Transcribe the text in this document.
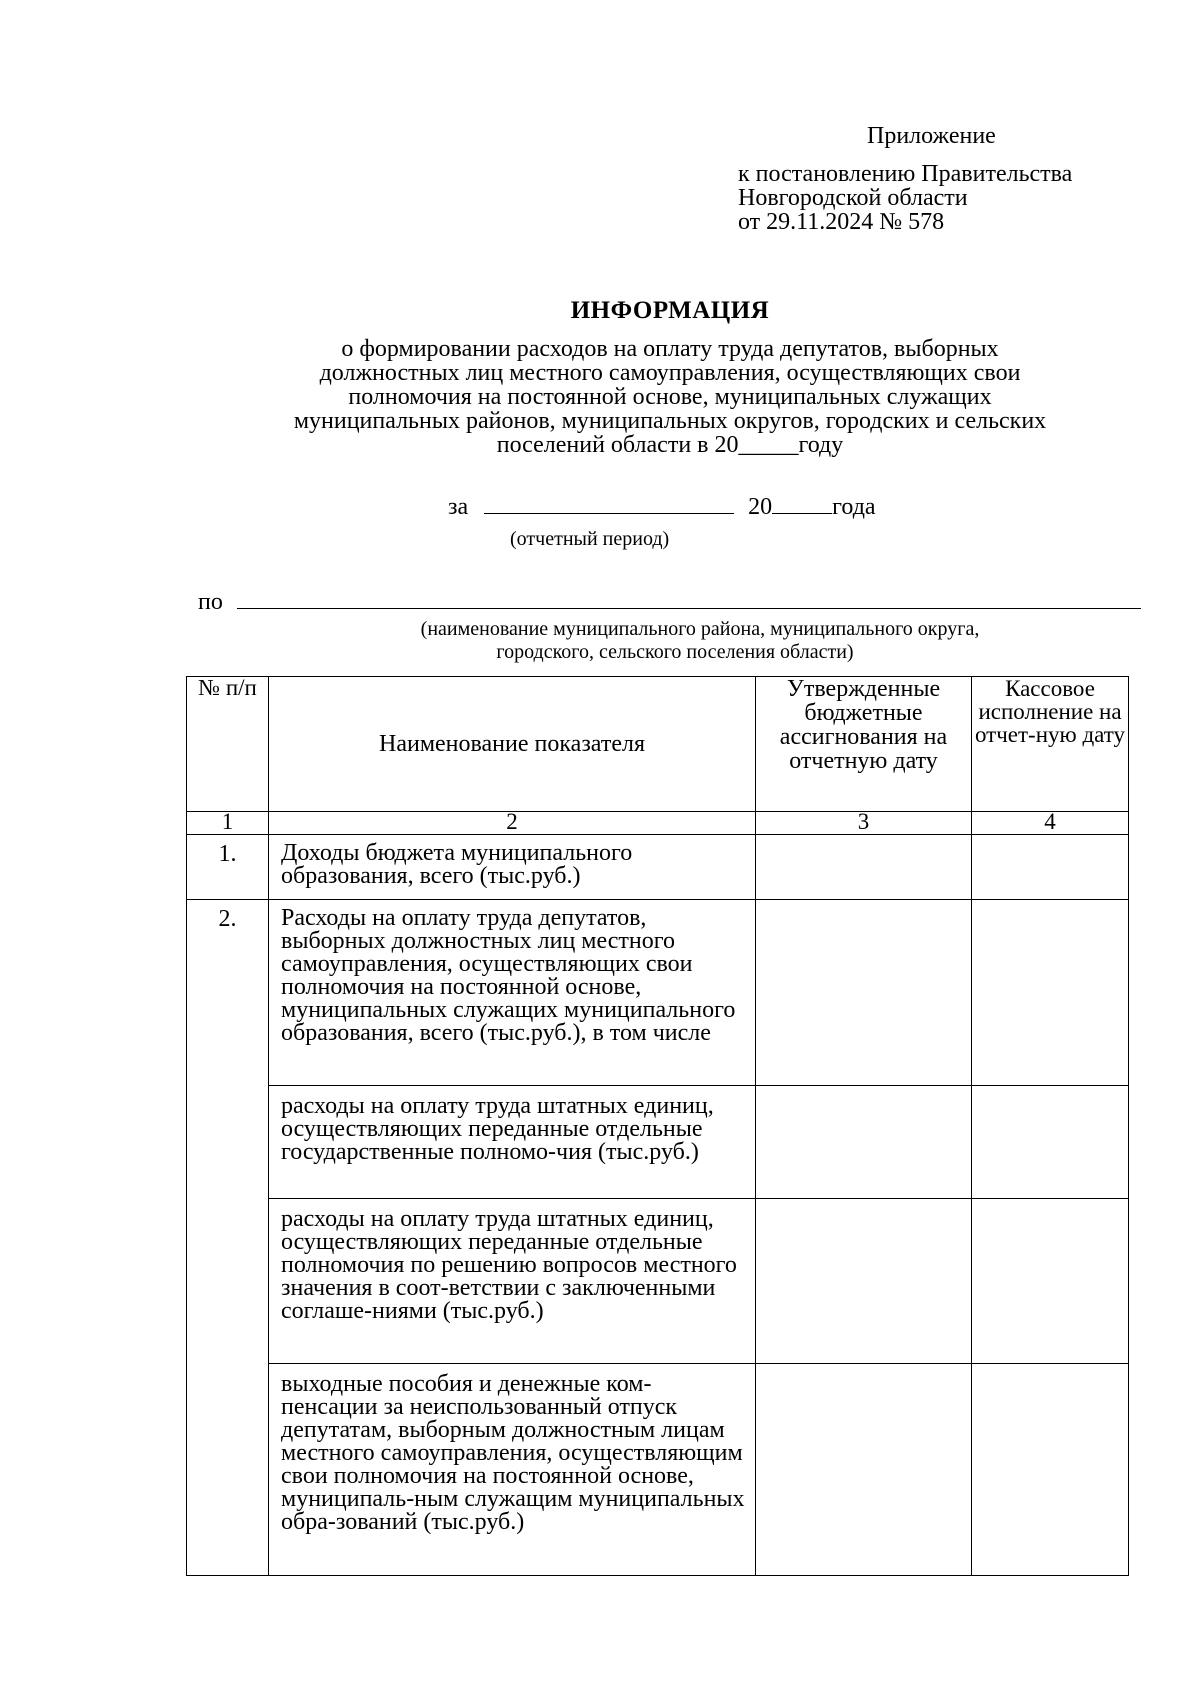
Приложение
к постановлению Правительства
Новгородской области
от 29.11.2024 № 578
ИНФОРМАЦИЯ
о формировании расходов на оплату труда депутатов, выборных
должностных лиц местного самоуправления, осуществляющих свои
полномочия на постоянной основе, муниципальных служащих
муниципальных районов, муниципальных округов, городских и сельских
поселений области в 20_____году
за	20	года
(отчетный период)
по
(наименование муниципального района, муниципального округа,
городского, сельского поселения области)
№ п/п	Наименование показателя	Утвержденные бюджетные ассигнования на отчетную дату	Кассовое исполнение на отчет-ную дату
1	2	3	4
1.	Доходы бюджета муниципального образования, всего (тыс.руб.)		
2.	Расходы на оплату труда депутатов, выборных должностных лиц местного самоуправления, осуществляющих свои полномочия на постоянной основе, муниципальных служащих муниципального образования, всего (тыс.руб.), в том числе		
	расходы на оплату труда штатных единиц, осуществляющих переданные отдельные государственные полномо-чия (тыс.руб.)		
	расходы на оплату труда штатных единиц, осуществляющих переданные отдельные полномочия по решению вопросов местного значения в соот-ветствии с заключенными соглаше-ниями (тыс.руб.)		
	выходные пособия и денежные ком-пенсации за неиспользованный отпуск депутатам, выборным должностным лицам местного самоуправления, осуществляющим свои полномочия на постоянной основе, муниципаль-ным служащим муниципальных обра-зований (тыс.руб.)		
